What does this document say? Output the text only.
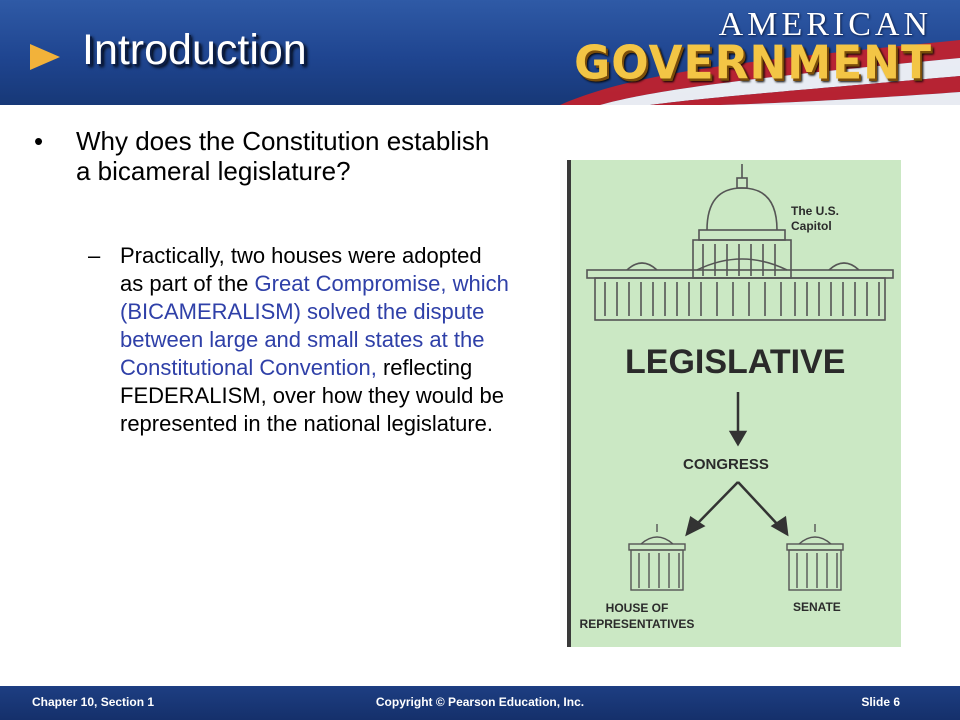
Introduction
AMERICAN
GOVERNMENT
•	Why does the Constitution establish a bicameral legislature?
– Practically, two houses were adopted as part of the Great Compromise, which (BICAMERALISM) solved the dispute between large and small states at the Constitutional Convention, reflecting FEDERALISM, over how they would be represented in the national legislature.
The U.S. Capitol
LEGISLATIVE
CONGRESS
HOUSE OF REPRESENTATIVES
SENATE
Chapter 10, Section 1	Copyright © Pearson Education, Inc.	Slide 6
